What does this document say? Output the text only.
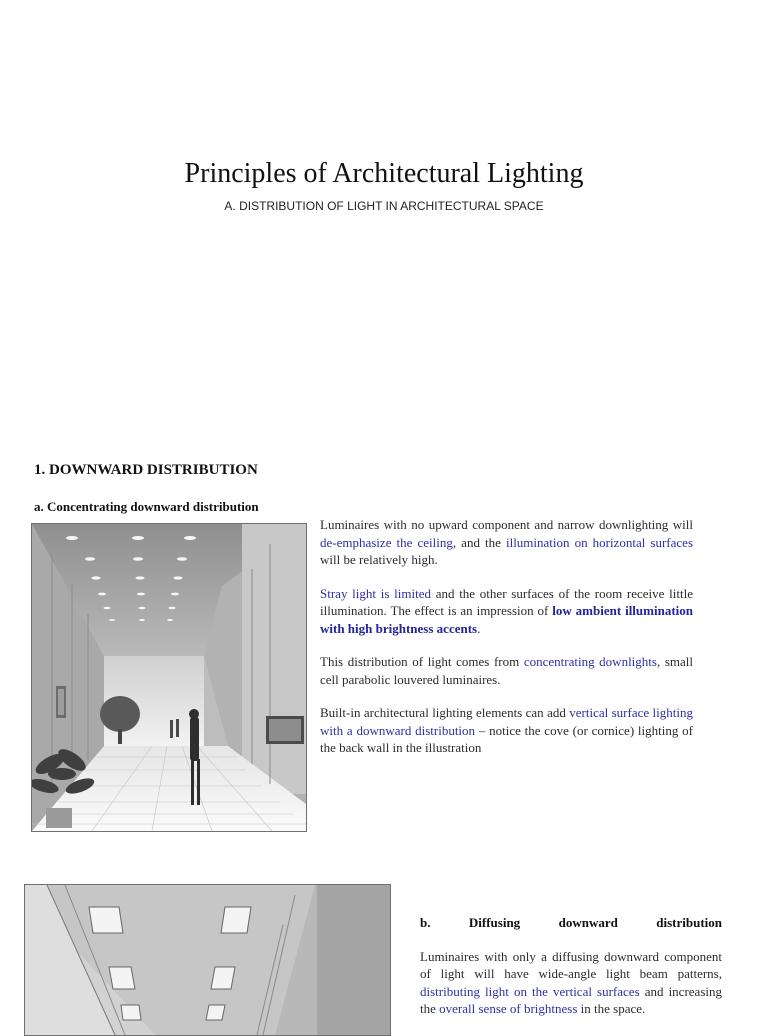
Principles of Architectural Lighting
A. DISTRIBUTION OF LIGHT IN ARCHITECTURAL SPACE
1. DOWNWARD DISTRIBUTION
a. Concentrating downward distribution

Luminaires with no upward component and narrow downlighting will de-emphasize the ceiling, and the illumination on horizontal surfaces will be relatively high.

Stray light is limited and the other surfaces of the room receive little illumination. The effect is an impression of low ambient illumination with high brightness accents.

This distribution of light comes from concentrating downlights, small cell parabolic louvered luminaires.

Built-in architectural lighting elements can add vertical surface lighting with a downward distribution – notice the cove (or cornice) lighting of the back wall in the illustration

b.	Diffusing	downward	distribution

Luminaires with only a diffusing downward component of light will have wide-angle light beam patterns, distributing light on the vertical surfaces and increasing the overall sense of brightness in the space.
